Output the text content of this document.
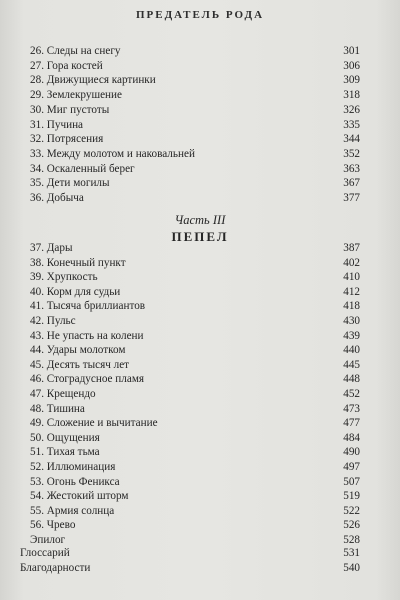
ПРЕДАТЕЛЬ РОДА
26. Следы на снегу	301
27. Гора костей	306
28. Движущиеся картинки	309
29. Землекрушение	318
30. Миг пустоты	326
31. Пучина	335
32. Потрясения	344
33. Между молотом и наковальней	352
34. Оскаленный берег	363
35. Дети могилы	367
36. Добыча	377
Часть III
ПЕПЕЛ
37. Дары	387
38. Конечный пункт	402
39. Хрупкость	410
40. Корм для судьи	412
41. Тысяча бриллиантов	418
42. Пульс	430
43. Не упасть на колени	439
44. Удары молотком	440
45. Десять тысяч лет	445
46. Стоградусное пламя	448
47. Крещендо	452
48. Тишина	473
49. Сложение и вычитание	477
50. Ощущения	484
51. Тихая тьма	490
52. Иллюминация	497
53. Огонь Феникса	507
54. Жестокий шторм	519
55. Армия солнца	522
56. Чрево	526
Эпилог	528
Глоссарий	531
Благодарности	540
